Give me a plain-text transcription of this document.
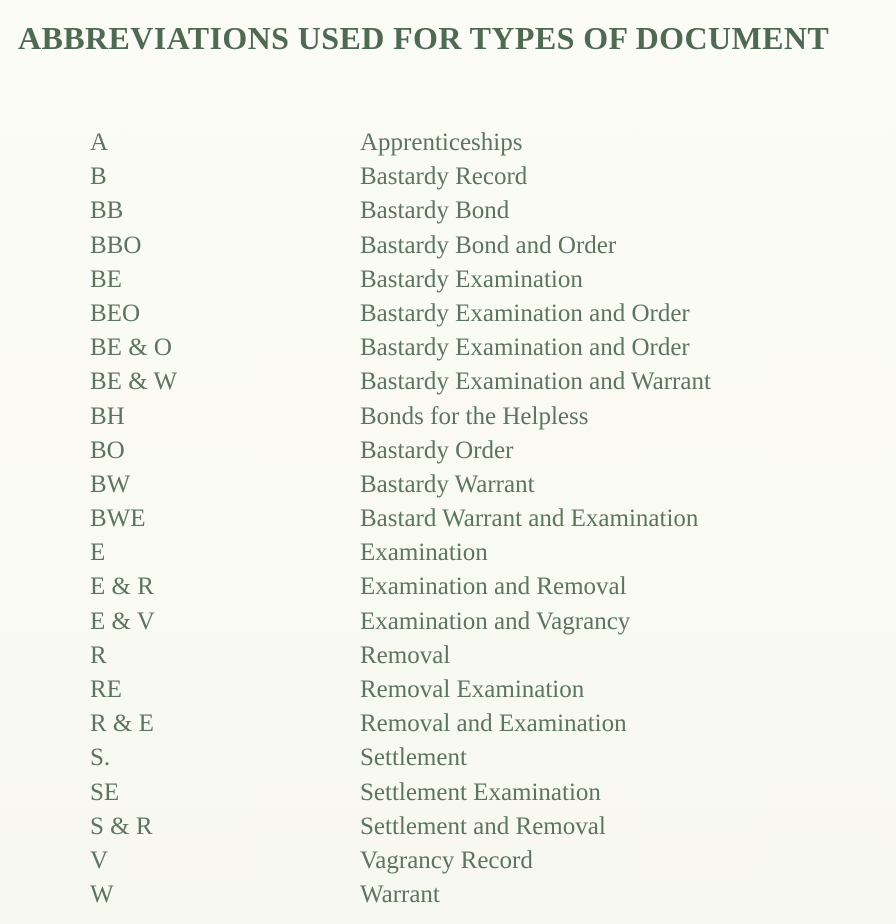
ABBREVIATIONS USED FOR TYPES OF DOCUMENT
A	Apprenticeships
B	Bastardy Record
BB	Bastardy Bond
BBO	Bastardy Bond and Order
BE	Bastardy Examination
BEO	Bastardy Examination and Order
BE & O	Bastardy Examination and Order
BE & W	Bastardy Examination and Warrant
BH	Bonds for the Helpless
BO	Bastardy Order
BW	Bastardy Warrant
BWE	Bastard Warrant and Examination
E	Examination
E & R	Examination and Removal
E & V	Examination and Vagrancy
R	Removal
RE	Removal Examination
R & E	Removal and Examination
S.	Settlement
SE	Settlement Examination
S & R	Settlement and Removal
V	Vagrancy Record
W	Warrant
